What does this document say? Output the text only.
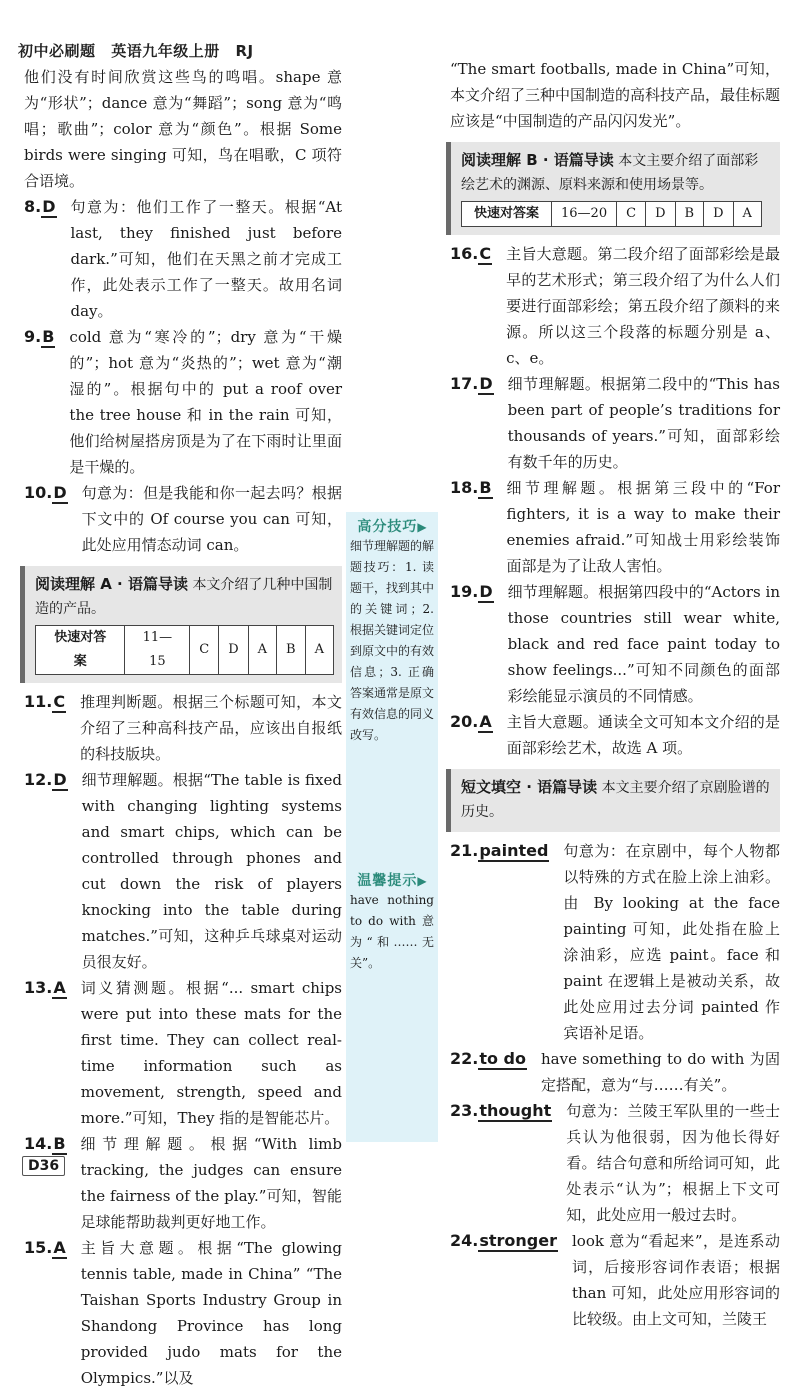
初中必刷题 英语九年级上册 RJ

他们没有时间欣赏这些鸟的鸣唱。shape 意为“形状”；dance 意为“舞蹈”；song 意为“鸣唱；歌曲”；color 意为“颜色”。根据 Some birds were singing 可知，鸟在唱歌，C 项符合语境。

8.D 句意为：他们工作了一整天。根据“At last, they finished just before dark.”可知，他们在天黑之前才完成工作，此处表示工作了一整天。故用名词 day。
9.B cold 意为“寒冷的”；dry 意为“干燥的”；hot 意为“炎热的”；wet 意为“潮湿的”。根据句中的 put a roof over the tree house 和 in the rain 可知，他们给树屋搭房顶是为了在下雨时让里面是干燥的。
10.D 句意为：但是我能和你一起去吗？根据下文中的 Of course you can 可知，此处应用情态动词 can。
阅读理解 A · 语篇导读 本文介绍了几种中国制造的产品。
快速对答案	11—15	C	D	A	B	A
11.C 推理判断题。根据三个标题可知，本文介绍了三种高科技产品，应该出自报纸的科技版块。
12.D 细节理解题。根据“The table is fixed with changing lighting systems and smart chips, which can be controlled through phones and cut down the risk of players knocking into the table during matches.”可知，这种乒乓球桌对运动员很友好。
13.A 词义猜测题。根据“... smart chips were put into these mats for the first time. They can collect real-time information such as movement, strength, speed and more.”可知，They 指的是智能芯片。
14.B 细节理解题。根据“With limb tracking, the judges can ensure the fairness of the play.”可知，智能足球能帮助裁判更好地工作。
15.A 主旨大意题。根据“The glowing tennis table, made in China” “The Taishan Sports Industry Group in Shandong Province has long provided judo mats for the Olympics.”以及
高分技巧▶
细节理解题的解题技巧：1. 读题干，找到其中的关键词；2. 根据关键词定位到原文中的有效信息；3. 正确答案通常是原文有效信息的同义改写。
温馨提示▶
have nothing to do with 意为“和……无关”。

“The smart footballs, made in China”可知，本文介绍了三种中国制造的高科技产品，最佳标题应该是“中国制造的产品闪闪发光”。

阅读理解 B · 语篇导读 本文主要介绍了面部彩绘艺术的渊源、原料来源和使用场景等。
快速对答案	16—20	C	D	B	D	A
16.C 主旨大意题。第二段介绍了面部彩绘是最早的艺术形式；第三段介绍了为什么人们要进行面部彩绘；第五段介绍了颜料的来源。所以这三个段落的标题分别是 a、c、e。
17.D 细节理解题。根据第二段中的“This has been part of people’s traditions for thousands of years.”可知，面部彩绘有数千年的历史。
18.B 细节理解题。根据第三段中的“For fighters, it is a way to make their enemies afraid.”可知战士用彩绘装饰面部是为了让敌人害怕。
19.D 细节理解题。根据第四段中的“Actors in those countries still wear white, black and red face paint today to show feelings...”可知不同颜色的面部彩绘能显示演员的不同情感。
20.A 主旨大意题。通读全文可知本文介绍的是面部彩绘艺术，故选 A 项。
短文填空 · 语篇导读 本文主要介绍了京剧脸谱的历史。
21.painted 句意为：在京剧中，每个人物都以特殊的方式在脸上涂上油彩。由 By looking at the face painting 可知，此处指在脸上涂油彩，应选 paint。face 和 paint 在逻辑上是被动关系，故此处应用过去分词 painted 作宾语补足语。
22.to do have something to do with 为固定搭配，意为“与……有关”。
23.thought 句意为：兰陵王军队里的一些士兵认为他很弱，因为他长得好看。结合句意和所给词可知，此处表示“认为”；根据上下文可知，此处应用一般过去时。
24.stronger look 意为“看起来”，是连系动词，后接形容词作表语；根据 than 可知，此处应用形容词的比较级。由上文可知，兰陵王
D36
